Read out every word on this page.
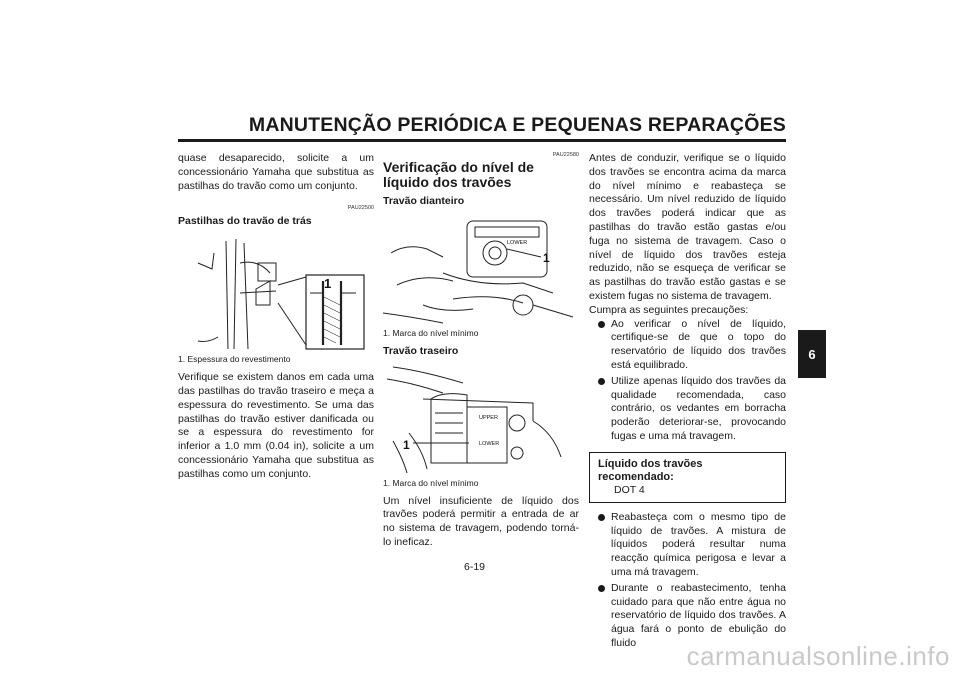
MANUTENÇÃO PERIÓDICA E PEQUENAS REPARAÇÕES
6

quase desaparecido, solicite a um concessionário Yamaha que substitua as pastilhas do travão como um conjunto.

PAU22500
Pastilhas do travão de trás
1
1. Espessura do revestimento

Verifique se existem danos em cada uma das pastilhas do travão traseiro e meça a espessura do revestimento. Se uma das pastilhas do travão estiver danificada ou se a espessura do revestimento for inferior a 1.0 mm (0.04 in), solicite a um concessionário Yamaha que substitua as pastilhas como um conjunto.

PAU22580
Verificação do nível de líquido dos travões
Travão dianteiro
LOWER
1
1. Marca do nível mínimo
Travão traseiro
UPPER
LOWER
1
1. Marca do nível mínimo

Um nível insuficiente de líquido dos travões poderá permitir a entrada de ar no sistema de travagem, podendo torná-lo ineficaz.

Antes de conduzir, verifique se o líquido dos travões se encontra acima da marca do nível mínimo e reabasteça se necessário. Um nível reduzido de líquido dos travões poderá indicar que as pastilhas do travão estão gastas e/ou fuga no sistema de travagem. Caso o nível de líquido dos travões esteja reduzido, não se esqueça de verificar se as pastilhas do travão estão gastas e se existem fugas no sistema de travagem.

Cumpra as seguintes precauções:

Ao verificar o nível de líquido, certifique-se de que o topo do reservatório de líquido dos travões está equilibrado.
Utilize apenas líquido dos travões da qualidade recomendada, caso contrário, os vedantes em borracha poderão deteriorar-se, provocando fugas e uma má travagem.
Líquido dos travões recomendado:
DOT 4
Reabasteça com o mesmo tipo de líquido de travões. A mistura de líquidos poderá resultar numa reacção química perigosa e levar a uma má travagem.
Durante o reabastecimento, tenha cuidado para que não entre água no reservatório de líquido dos travões. A água fará o ponto de ebulição do fluido
6-19
carmanualsonline.info
